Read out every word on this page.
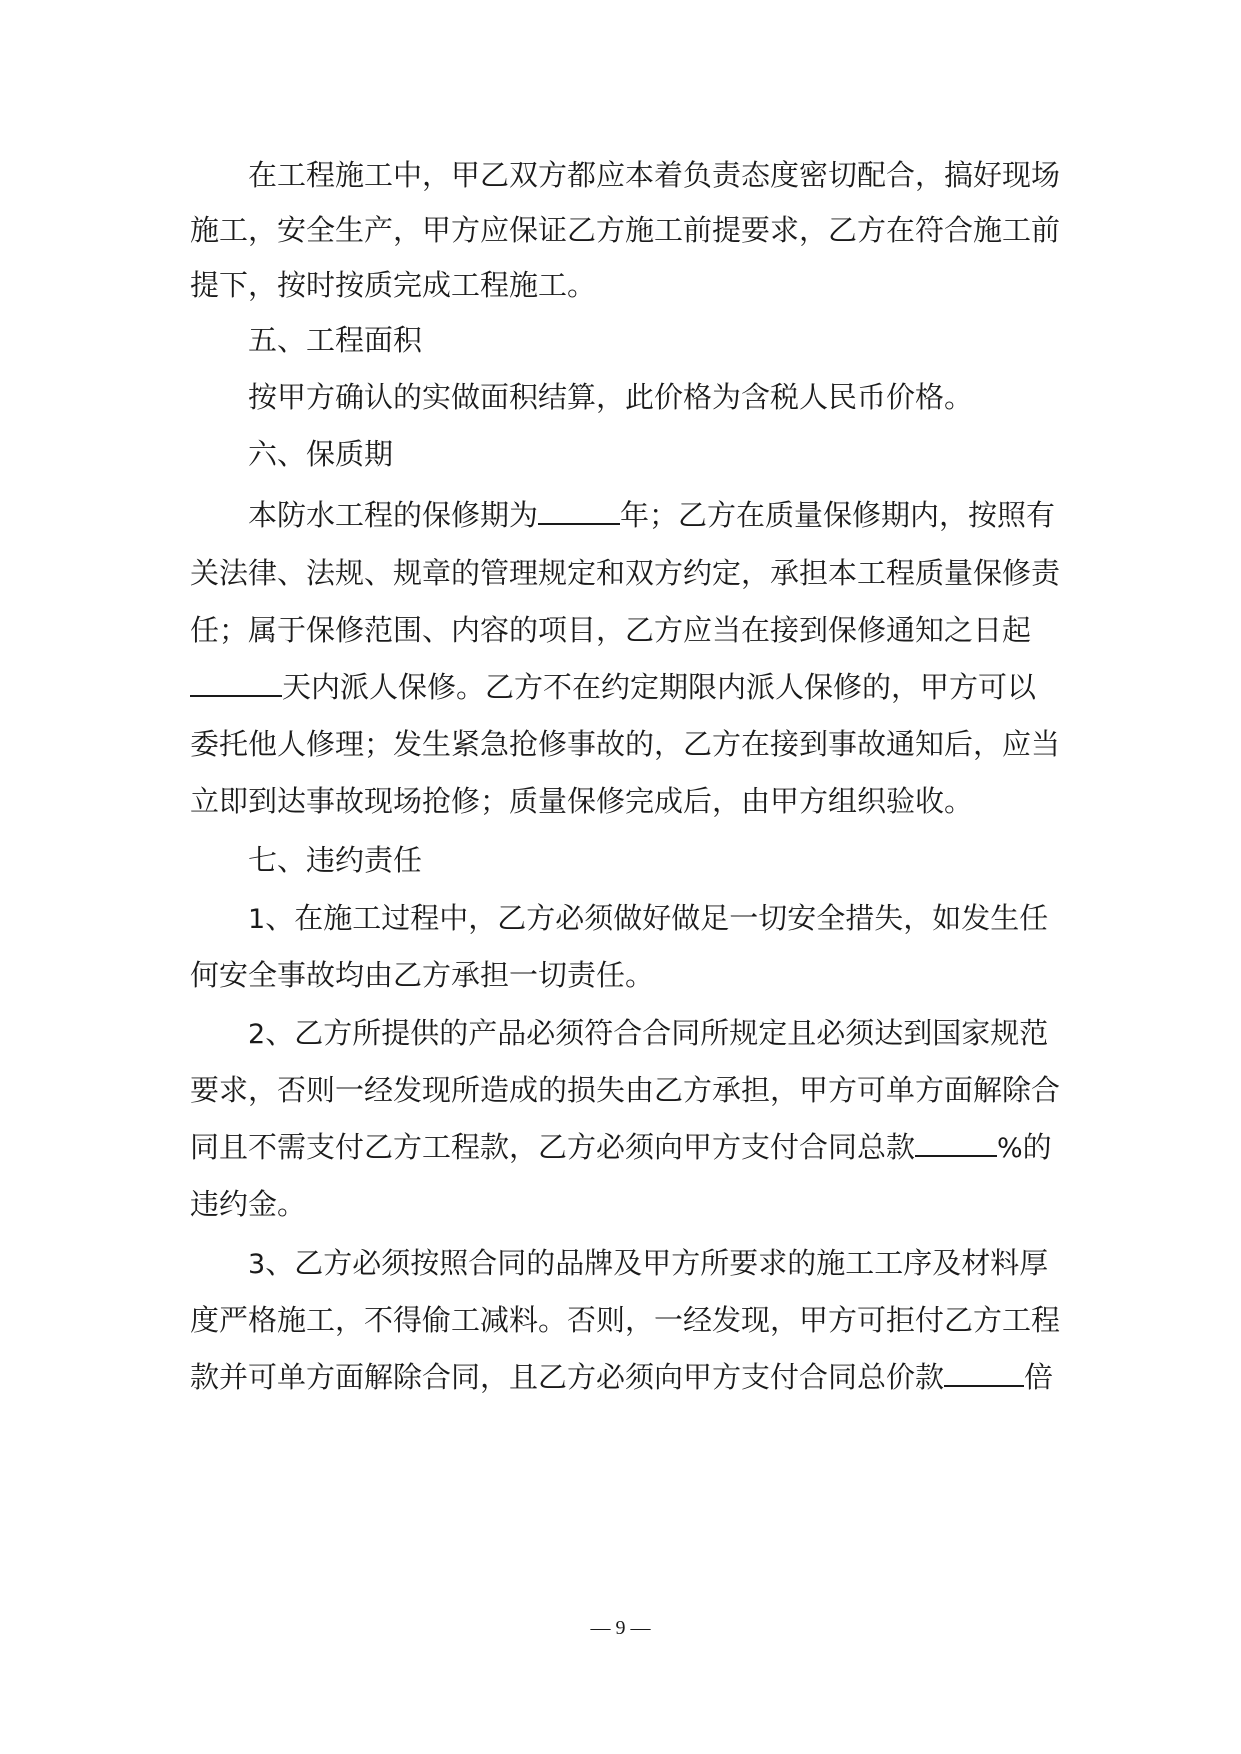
在工程施工中，甲乙双方都应本着负责态度密切配合，搞好现场
施工，安全生产，甲方应保证乙方施工前提要求，乙方在符合施工前
提下，按时按质完成工程施工。
五、工程面积
按甲方确认的实做面积结算，此价格为含税人民币价格。
六、保质期
本防水工程的保修期为	年；乙方在质量保修期内，按照有
关法律、法规、规章的管理规定和双方约定，承担本工程质量保修责
任；属于保修范围、内容的项目，乙方应当在接到保修通知之日起
天内派人保修。乙方不在约定期限内派人保修的，甲方可以
委托他人修理；发生紧急抢修事故的，乙方在接到事故通知后，应当
立即到达事故现场抢修；质量保修完成后，由甲方组织验收。
七、违约责任
1、在施工过程中，乙方必须做好做足一切安全措失，如发生任
何安全事故均由乙方承担一切责任。
2、乙方所提供的产品必须符合合同所规定且必须达到国家规范
要求，否则一经发现所造成的损失由乙方承担，甲方可单方面解除合
同且不需支付乙方工程款，乙方必须向甲方支付合同总款	%的
违约金。
3、乙方必须按照合同的品牌及甲方所要求的施工工序及材料厚
度严格施工，不得偷工减料。否则，一经发现，甲方可拒付乙方工程
款并可单方面解除合同，且乙方必须向甲方支付合同总价款	倍
— 9 —
